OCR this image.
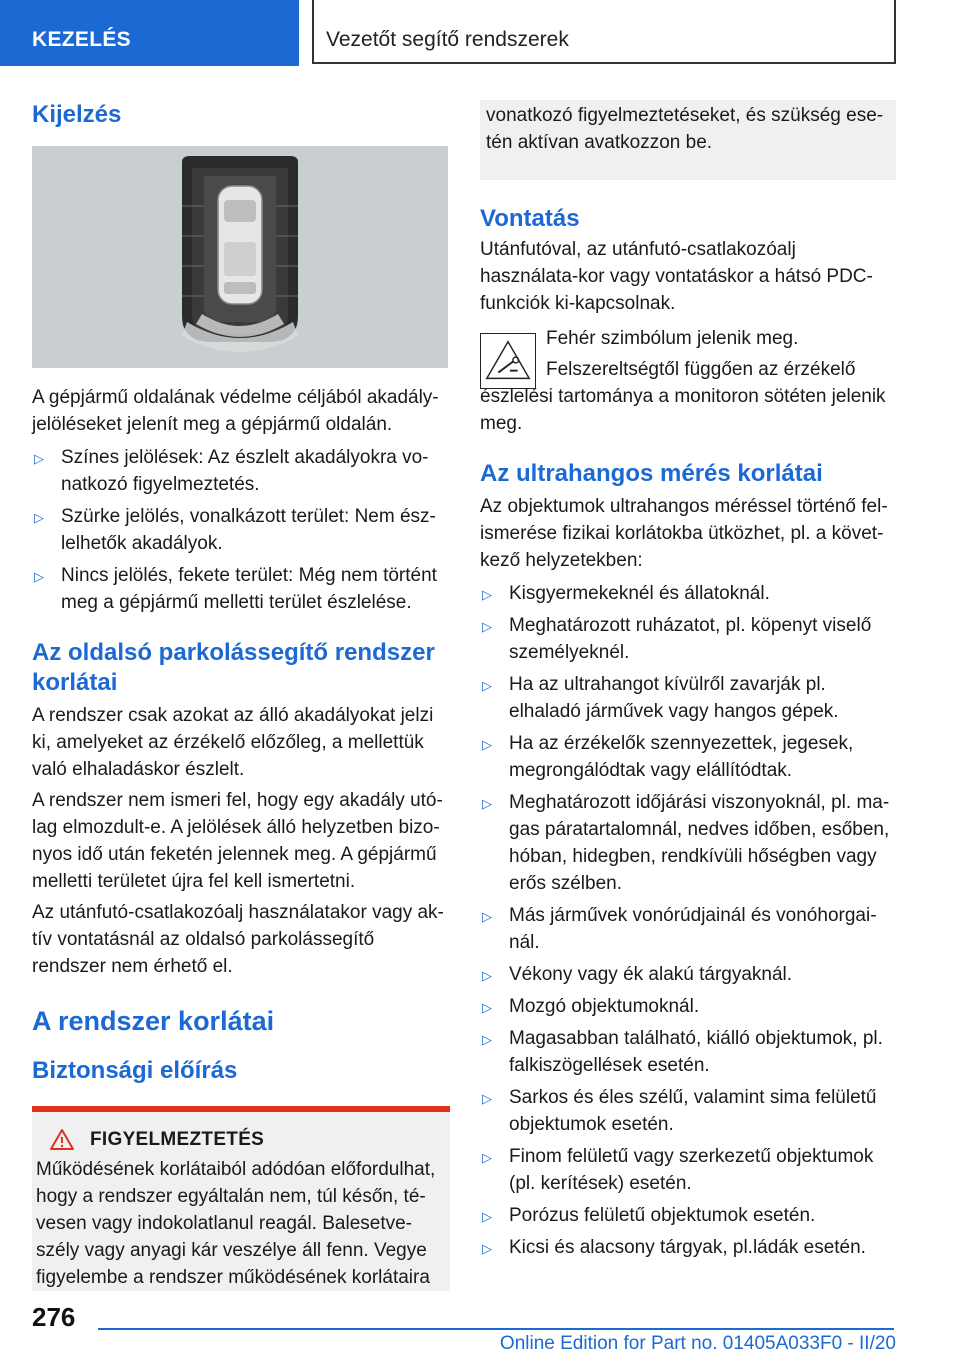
KEZELÉS	Vezetőt segítő rendszerek
Kijelzés

A gépjármű oldalának védelme céljából akadály-jelöléseket jelenít meg a gépjármű oldalán.

▷ Színes jelölések: Az észlelt akadályokra vo-natkozó figyelmeztetés.
▷ Szürke jelölés, vonalkázott terület: Nem ész-lelhetők akadályok.
▷ Nincs jelölés, fekete terület: Még nem történt meg a gépjármű melletti terület észlelése.
Az oldalsó parkolássegítő rendszer korlátai

A rendszer csak azokat az álló akadályokat jelzi ki, amelyeket az érzékelő előzőleg, a mellettük való elhaladáskor észlelt.

A rendszer nem ismeri fel, hogy egy akadály utó-lag elmozdult-e. A jelölések álló helyzetben bizo-nyos idő után feketén jelennek meg. A gépjármű melletti területet újra fel kell ismertetni.

Az utánfutó-csatlakozóalj használatakor vagy ak-tív vontatásnál az oldalsó parkolássegítő rendszer nem érhető el.

A rendszer korlátai
Biztonsági előírás
FIGYELMEZTETÉS

Működésének korlátaiból adódóan előfordulhat, hogy a rendszer egyáltalán nem, túl későn, té-vesen vagy indokolatlanul reagál. Balesetve-szély vagy anyagi kár veszélye áll fenn. Vegye figyelembe a rendszer működésének korlátaira

vonatkozó figyelmeztetéseket, és szükség ese-tén aktívan avatkozzon be.

Vontatás

Utánfutóval, az utánfutó-csatlakozóalj használata-kor vagy vontatáskor a hátsó PDC-funkciók ki-kapcsolnak.

Fehér szimbólum jelenik meg.

Felszereltségtől függően az érzékelő észlelési tartománya a monitoron sötéten jelenik meg.

Az ultrahangos mérés korlátai

Az objektumok ultrahangos méréssel történő fel-ismerése fizikai korlátokba ütközhet, pl. a követ-kező helyzetekben:

▷ Kisgyermekeknél és állatoknál.
▷ Meghatározott ruházatot, pl. köpenyt viselő személyeknél.
▷ Ha az ultrahangot kívülről zavarják pl. elhaladó járművek vagy hangos gépek.
▷ Ha az érzékelők szennyezettek, jegesek, megrongálódtak vagy elállítódtak.
▷ Meghatározott időjárási viszonyoknál, pl. ma-gas páratartalomnál, nedves időben, esőben, hóban, hidegben, rendkívüli hőségben vagy erős szélben.
▷ Más járművek vonórúdjainál és vonóhorgai-nál.
▷ Vékony vagy ék alakú tárgyaknál.
▷ Mozgó objektumoknál.
▷ Magasabban található, kiálló objektumok, pl. falkiszögellések esetén.
▷ Sarkos és éles szélű, valamint sima felületű objektumok esetén.
▷ Finom felületű vagy szerkezetű objektumok (pl. kerítések) esetén.
▷ Porózus felületű objektumok esetén.
▷ Kicsi és alacsony tárgyak, pl.ládák esetén.
276
Online Edition for Part no. 01405A033F0 - II/20
